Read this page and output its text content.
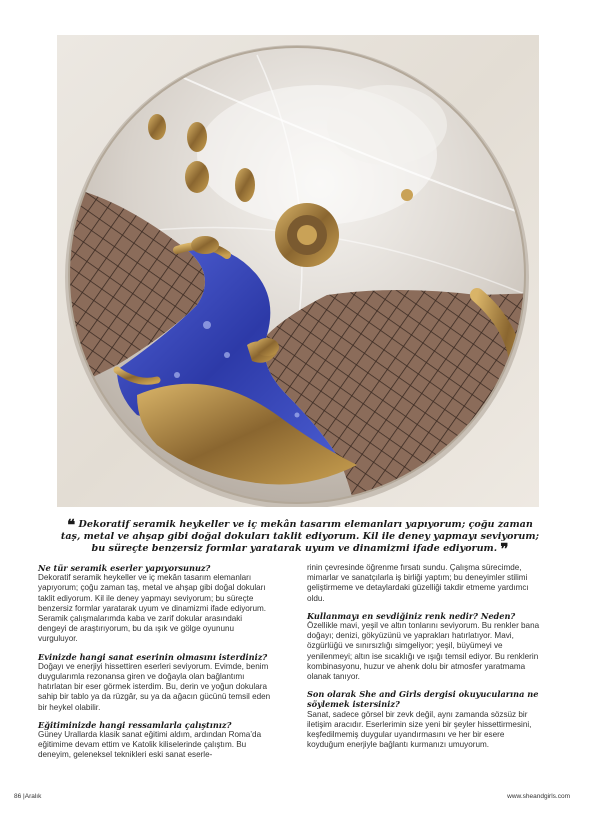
❝ Dekoratif seramik heykeller ve iç mekân tasarım elemanları yapıyorum; çoğu zaman taş, metal ve ahşap gibi doğal dokuları taklit ediyorum. Kil ile deney yapmayı seviyorum; bu süreçte benzersiz formlar yaratarak uyum ve dinamizmi ifade ediyorum. ❞
Ne tür seramik eserler yapıyorsunuz?

Dekoratif seramik heykeller ve iç mekân tasarım elemanları yapıyorum; çoğu zaman taş, metal ve ahşap gibi doğal dokuları taklit ediyorum. Kil ile deney yapmayı seviyorum; bu süreçte benzersiz formlar yaratarak uyum ve dinamizmi ifade ediyorum. Seramik çalışmalarımda kaba ve zarif dokular arasındaki dengeyi de araştırıyorum, bu da ışık ve gölge oyununu vurguluyor.

Evinizde hangi sanat eserinin olmasını isterdiniz?

Doğayı ve enerjiyi hissettiren eserleri seviyorum. Evimde, benim duygularımla rezonansa giren ve doğayla olan bağlantımı hatırlatan bir eser görmek isterdim. Bu, derin ve yoğun dokulara sahip bir tablo ya da rüzgâr, su ya da ağacın gücünü temsil eden bir heykel olabilir.

Eğitiminizde hangi ressamlarla çalıştınız?

Güney Urallarda klasik sanat eğitimi aldım, ardından Roma’da eğitimime devam ettim ve Katolik kiliselerinde çalıştım. Bu deneyim, geleneksel teknikleri eski sanat eserle-

rinin çevresinde öğrenme fırsatı sundu. Çalışma sürecimde, mimarlar ve sanatçılarla iş birliği yaptım; bu deneyimler stilimi geliştirmeme ve detaylardaki güzelliği takdir etmeme yardımcı oldu.

Kullanmayı en sevdiğiniz renk nedir? Neden?

Özellikle mavi, yeşil ve altın tonlarını seviyorum. Bu renkler bana doğayı; denizi, gökyüzünü ve yaprakları hatırlatıyor. Mavi, özgürlüğü ve sınırsızlığı simgeliyor; yeşil, büyümeyi ve yenilenmeyi; altın ise sıcaklığı ve ışığı temsil ediyor. Bu renklerin kombinasyonu, huzur ve ahenk dolu bir atmosfer yaratmama olanak tanıyor.

Son olarak She and Girls dergisi okuyucularına ne söylemek istersiniz?

Sanat, sadece görsel bir zevk değil, aynı zamanda sözsüz bir iletişim aracıdır. Eserlerimin size yeni bir şeyler hissettirmesini, keşfedilmemiş duygular uyandırmasını ve her bir esere koyduğum enerjiyle bağlantı kurmanızı umuyorum.

86 |Aralık	www.sheandgirls.com
